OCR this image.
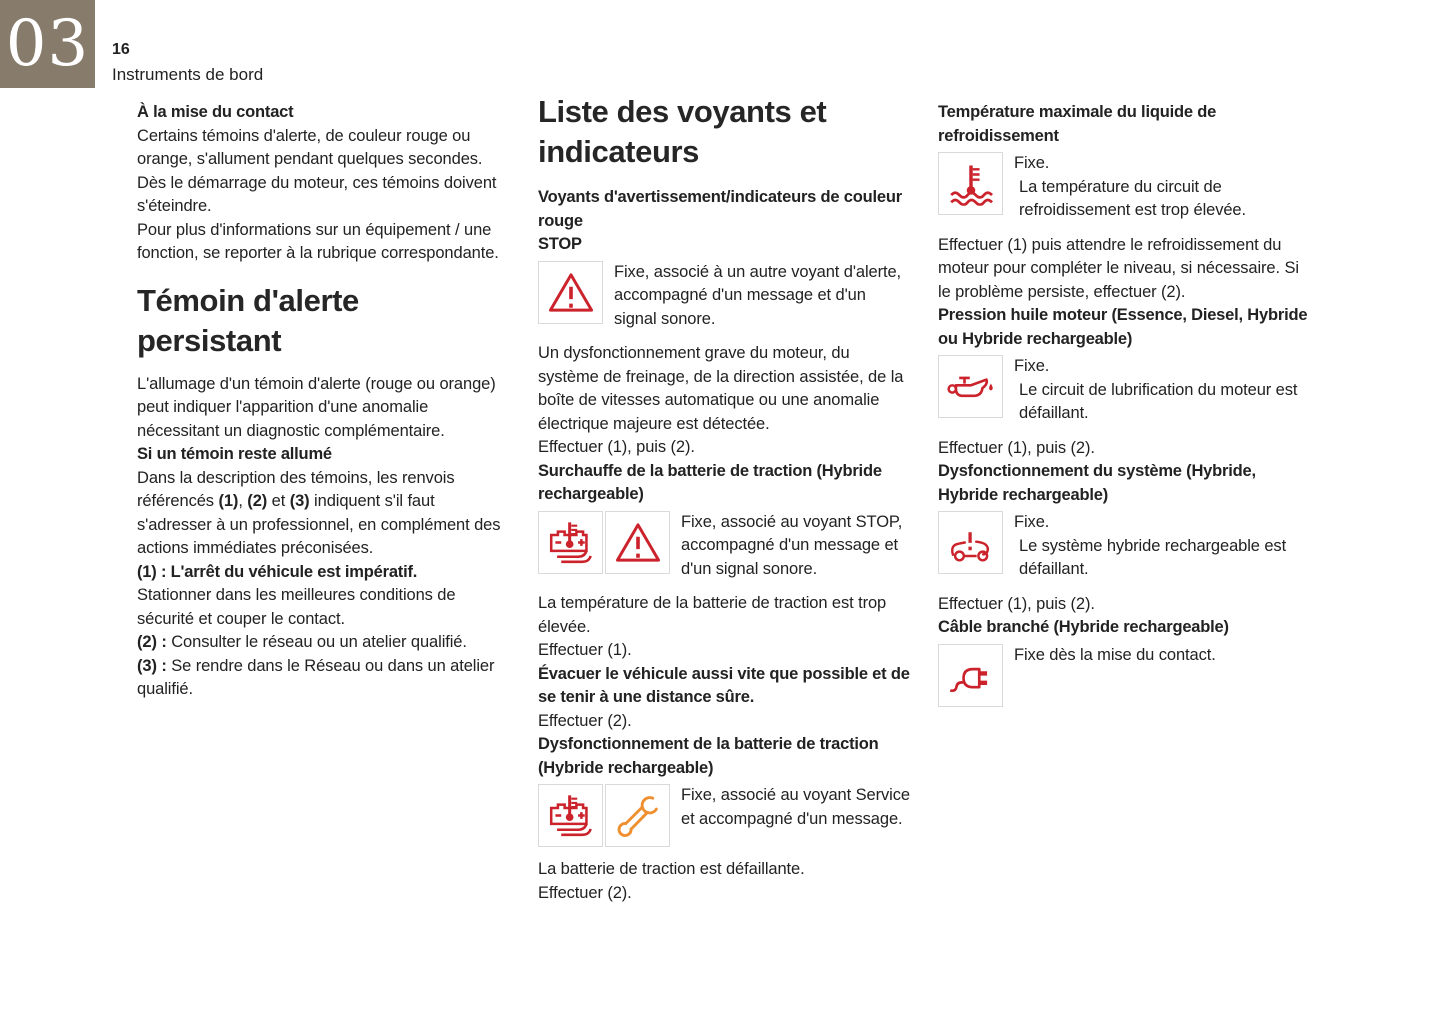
03 16
Instruments de bord
À la mise du contact

Certains témoins d'alerte, de couleur rouge ou orange, s'allument pendant quelques secondes. Dès le démarrage du moteur, ces témoins doivent s'éteindre.

Pour plus d'informations sur un équipement / une fonction, se reporter à la rubrique correspondante.

Témoin d'alerte persistant

L'allumage d'un témoin d'alerte (rouge ou orange) peut indiquer l'apparition d'une anomalie nécessitant un diagnostic complémentaire.

Si un témoin reste allumé

Dans la description des témoins, les renvois référencés (1), (2) et (3) indiquent s'il faut s'adresser à un professionnel, en complément des actions immédiates préconisées.

(1) : L'arrêt du véhicule est impératif.

Stationner dans les meilleures conditions de sécurité et couper le contact.

(2) : Consulter le réseau ou un atelier qualifié.

(3) : Se rendre dans le Réseau ou dans un atelier qualifié.

Liste des voyants et indicateurs
Voyants d'avertissement/indicateurs de couleur rouge
STOP
Fixe, associé à un autre voyant d'alerte, accompagné d'un message et d'un signal sonore.

Un dysfonctionnement grave du moteur, du système de freinage, de la direction assistée, de la boîte de vitesses automatique ou une anomalie électrique majeure est détectée.

Effectuer (1), puis (2).

Surchauffe de la batterie de traction (Hybride rechargeable)
Fixe, associé au voyant STOP, accompagné d'un message et d'un signal sonore.

La température de la batterie de traction est trop élevée.

Effectuer (1).

Évacuer le véhicule aussi vite que possible et de se tenir à une distance sûre.

Effectuer (2).

Dysfonctionnement de la batterie de traction (Hybride rechargeable)
Fixe, associé au voyant Service et accompagné d'un message.

La batterie de traction est défaillante.

Effectuer (2).

Température maximale du liquide de refroidissement
Fixe.
La température du circuit de refroidissement est trop élevée.

Effectuer (1) puis attendre le refroidissement du moteur pour compléter le niveau, si nécessaire. Si le problème persiste, effectuer (2).

Pression huile moteur (Essence, Diesel, Hybride ou Hybride rechargeable)
Fixe.
Le circuit de lubrification du moteur est défaillant.

Effectuer (1), puis (2).

Dysfonctionnement du système (Hybride, Hybride rechargeable)
Fixe.
Le système hybride rechargeable est défaillant.

Effectuer (1), puis (2).

Câble branché (Hybride rechargeable)
Fixe dès la mise du contact.
